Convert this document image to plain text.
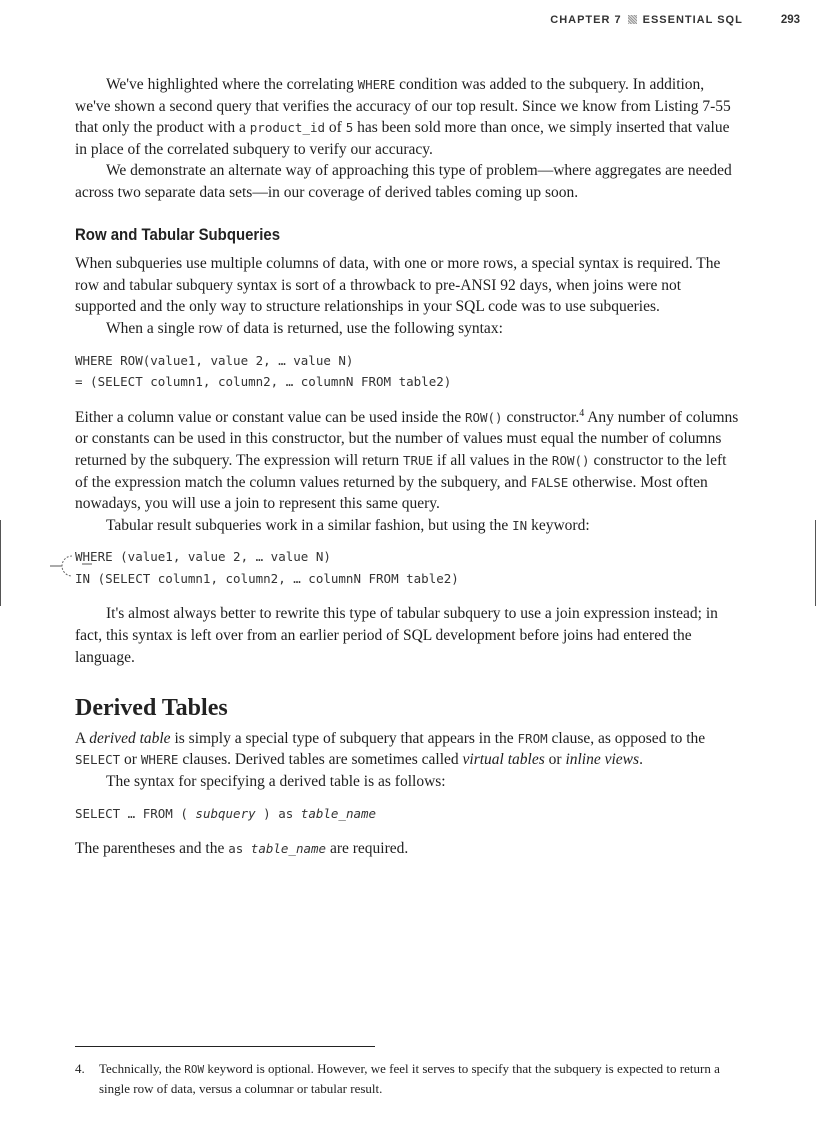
CHAPTER 7 ESSENTIAL SQL	293

We've highlighted where the correlating WHERE condition was added to the subquery. In addition, we've shown a second query that verifies the accuracy of our top result. Since we know from Listing 7-55 that only the product with a product_id of 5 has been sold more than once, we simply inserted that value in place of the correlated subquery to verify our accuracy.

We demonstrate an alternate way of approaching this type of problem—where aggregates are needed across two separate data sets—in our coverage of derived tables coming up soon.

Row and Tabular Subqueries

When subqueries use multiple columns of data, with one or more rows, a special syntax is required. The row and tabular subquery syntax is sort of a throwback to pre-ANSI 92 days, when joins were not supported and the only way to structure relationships in your SQL code was to use subqueries.

When a single row of data is returned, use the following syntax:

WHERE ROW(value1, value 2, … value N)
= (SELECT column1, column2, … columnN FROM table2)

Either a column value or constant value can be used inside the ROW() constructor.$^4$ Any number of columns or constants can be used in this constructor, but the number of values must equal the number of columns returned by the subquery. The expression will return TRUE if all values in the ROW() constructor to the left of the expression match the column values returned by the subquery, and FALSE otherwise. Most often nowadays, you will use a join to represent this same query.

Tabular result subqueries work in a similar fashion, but using the IN keyword:

WHERE (value1, value 2, … value N)
IN (SELECT column1, column2, … columnN FROM table2)

It's almost always better to rewrite this type of tabular subquery to use a join expression instead; in fact, this syntax is left over from an earlier period of SQL development before joins had entered the language.

Derived Tables

A derived table is simply a special type of subquery that appears in the FROM clause, as opposed to the SELECT or WHERE clauses. Derived tables are sometimes called virtual tables or inline views.

The syntax for specifying a derived table is as follows:

SELECT … FROM ( subquery ) as table_name

The parentheses and the as table_name are required.

4.	Technically, the ROW keyword is optional. However, we feel it serves to specify that the subquery is expected to return a single row of data, versus a columnar or tabular result.
